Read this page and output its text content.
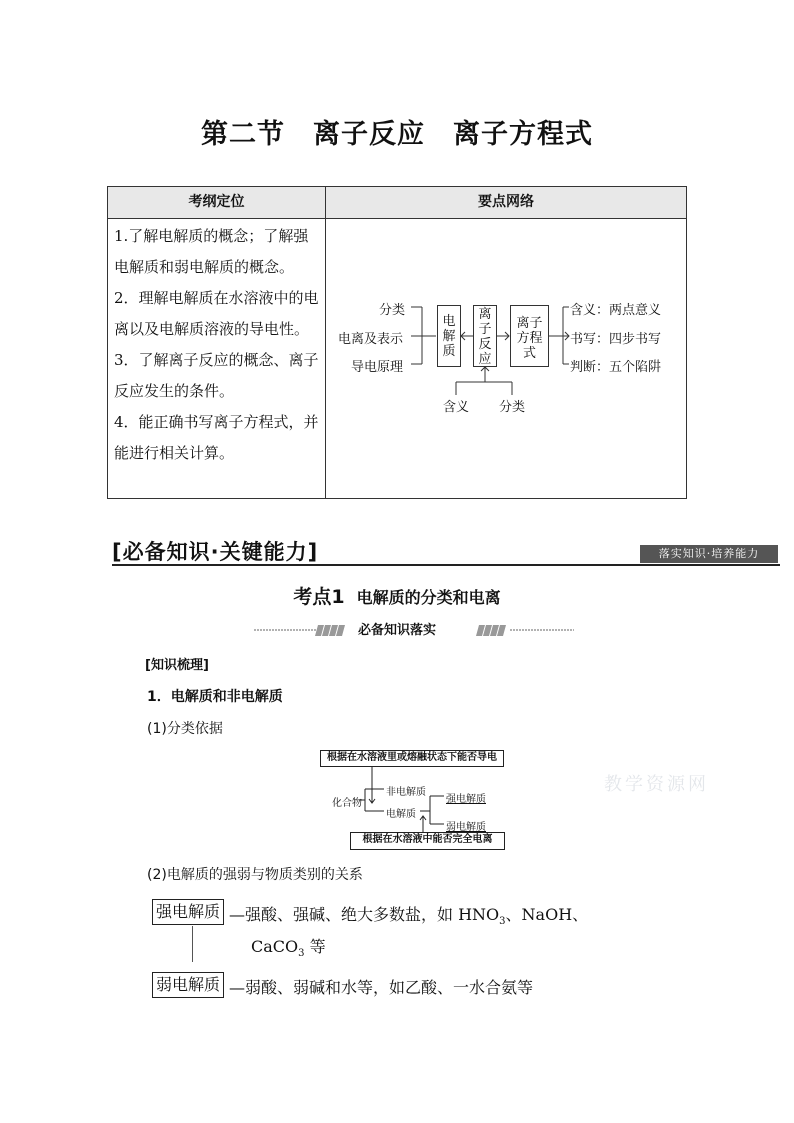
第二节 离子反应 离子方程式
考纲定位	要点网络

1.了解电解质的概念；了解强电解质和弱电解质的概念。

2．理解电解质在水溶液中的电离以及电解质溶液的导电性。

3．了解离子反应的概念、离子反应发生的条件。

4．能正确书写离子方程式，并能进行相关计算。

分类
电离及表示
导电原理
电解质
离子反应
离子方程式
含义：两点意义
书写：四步书写
判断：五个陷阱
含义 分类
[必备知识·关键能力]	落实知识·培养能力
考点1 电解质的分类和电离
必备知识落实
[知识梳理]
1．电解质和非电解质
(1)分类依据
根据在水溶液里或熔融状态下能否导电
化合物
非电解质
电解质
强电解质
弱电解质
根据在水溶液中能否完全电离
教学资源网
(2)电解质的强弱与物质类别的关系
强电解质 —强酸、强碱、绝大多数盐，如 $HNO_3$、NaOH、
CaCO$_3$ 等
弱电解质 —弱酸、弱碱和水等，如乙酸、一水合氨等
